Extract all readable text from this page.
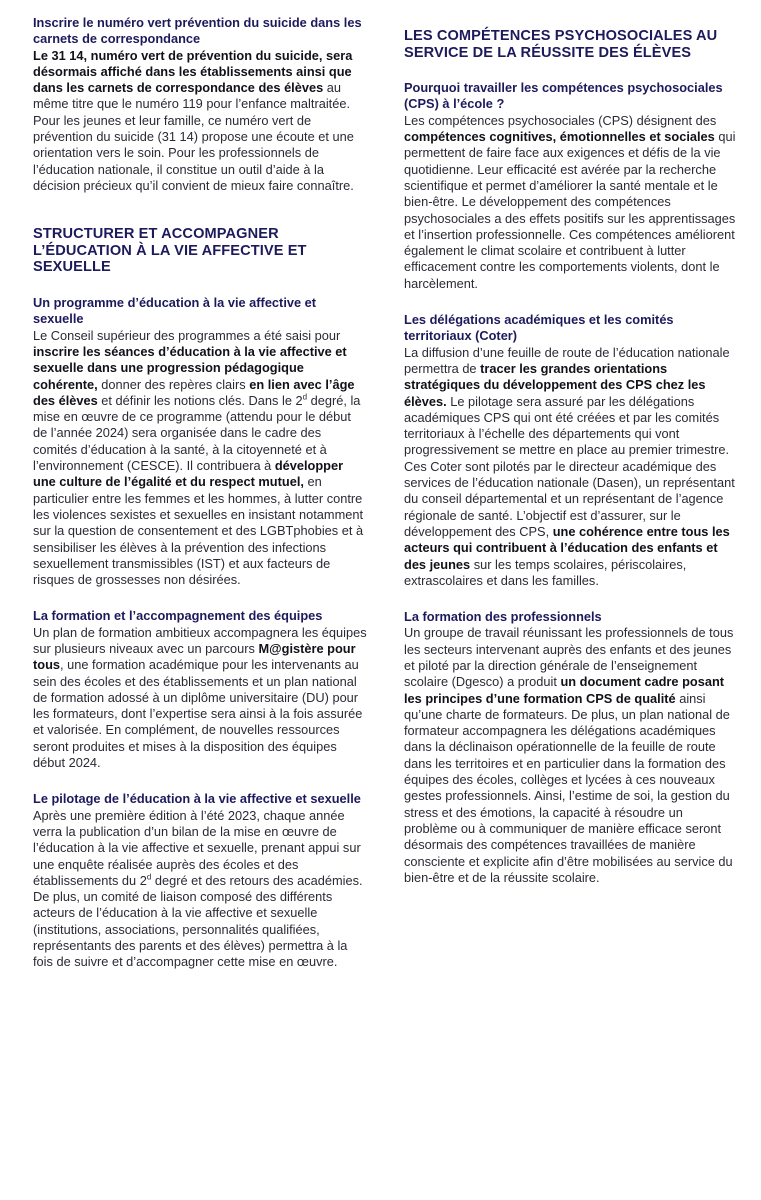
Inscrire le numéro vert prévention du suicide dans les carnets de correspondance

Le 31 14, numéro vert de prévention du suicide, sera désormais affiché dans les établissements ainsi que dans les carnets de correspondance des élèves au même titre que le numéro 119 pour l’enfance maltraitée. Pour les jeunes et leur famille, ce numéro vert de prévention du suicide (31 14) propose une écoute et une orientation vers le soin. Pour les professionnels de l’éducation nationale, il constitue un outil d’aide à la décision précieux qu’il convient de mieux faire connaître.

STRUCTURER ET ACCOMPAGNER L’ÉDUCATION À LA VIE AFFECTIVE ET SEXUELLE
Un programme d’éducation à la vie affective et sexuelle

Le Conseil supérieur des programmes a été saisi pour inscrire les séances d’éducation à la vie affective et sexuelle dans une progression pédagogique cohérente, donner des repères clairs en lien avec l’âge des élèves et définir les notions clés. Dans le 2$^d$ degré, la mise en œuvre de ce programme (attendu pour le début de l’année 2024) sera organisée dans le cadre des comités d’éducation à la santé, à la citoyenneté et à l’environnement (CESCE). Il contribuera à développer une culture de l’égalité et du respect mutuel, en particulier entre les femmes et les hommes, à lutter contre les violences sexistes et sexuelles en insistant notamment sur la question de consentement et des LGBTphobies et à sensibiliser les élèves à la prévention des infections sexuellement transmissibles (IST) et aux facteurs de risques de grossesses non désirées.

La formation et l’accompagnement des équipes

Un plan de formation ambitieux accompagnera les équipes sur plusieurs niveaux avec un parcours M@gistère pour tous, une formation académique pour les intervenants au sein des écoles et des établissements et un plan national de formation adossé à un diplôme universitaire (DU) pour les formateurs, dont l’expertise sera ainsi à la fois assurée et valorisée. En complément, de nouvelles ressources seront produites et mises à la disposition des équipes début 2024.

Le pilotage de l’éducation à la vie affective et sexuelle

Après une première édition à l’été 2023, chaque année verra la publication d’un bilan de la mise en œuvre de l’éducation à la vie affective et sexuelle, prenant appui sur une enquête réalisée auprès des écoles et des établissements du 2$^d$ degré et des retours des académies. De plus, un comité de liaison composé des différents acteurs de l’éducation à la vie affective et sexuelle (institutions, associations, personnalités qualifiées, représentants des parents et des élèves) permettra à la fois de suivre et d’accompagner cette mise en œuvre.

LES COMPÉTENCES PSYCHOSOCIALES AU SERVICE DE LA RÉUSSITE DES ÉLÈVES
Pourquoi travailler les compétences psychosociales (CPS) à l’école ?

Les compétences psychosociales (CPS) désignent des compétences cognitives, émotionnelles et sociales qui permettent de faire face aux exigences et défis de la vie quotidienne. Leur efficacité est avérée par la recherche scientifique et permet d’améliorer la santé mentale et le bien-être. Le développement des compétences psychosociales a des effets positifs sur les apprentissages et l’insertion professionnelle. Ces compétences améliorent également le climat scolaire et contribuent à lutter efficacement contre les comportements violents, dont le harcèlement.

Les délégations académiques et les comités territoriaux (Coter)

La diffusion d’une feuille de route de l’éducation nationale permettra de tracer les grandes orientations stratégiques du développement des CPS chez les élèves. Le pilotage sera assuré par les délégations académiques CPS qui ont été créées et par les comités territoriaux à l’échelle des départements qui vont progressivement se mettre en place au premier trimestre. Ces Coter sont pilotés par le directeur académique des services de l’éducation nationale (Dasen), un représentant du conseil départemental et un représentant de l’agence régionale de santé. L’objectif est d’assurer, sur le développement des CPS, une cohérence entre tous les acteurs qui contribuent à l’éducation des enfants et des jeunes sur les temps scolaires, périscolaires, extrascolaires et dans les familles.

La formation des professionnels

Un groupe de travail réunissant les professionnels de tous les secteurs intervenant auprès des enfants et des jeunes et piloté par la direction générale de l’enseignement scolaire (Dgesco) a produit un document cadre posant les principes d’une formation CPS de qualité ainsi qu’une charte de formateurs. De plus, un plan national de formateur accompagnera les délégations académiques dans la déclinaison opérationnelle de la feuille de route dans les territoires et en particulier dans la formation des équipes des écoles, collèges et lycées à ces nouveaux gestes professionnels. Ainsi, l’estime de soi, la gestion du stress et des émotions, la capacité à résoudre un problème ou à communiquer de manière efficace seront désormais des compétences travaillées de manière consciente et explicite afin d’être mobilisées au service du bien-être et de la réussite scolaire.
